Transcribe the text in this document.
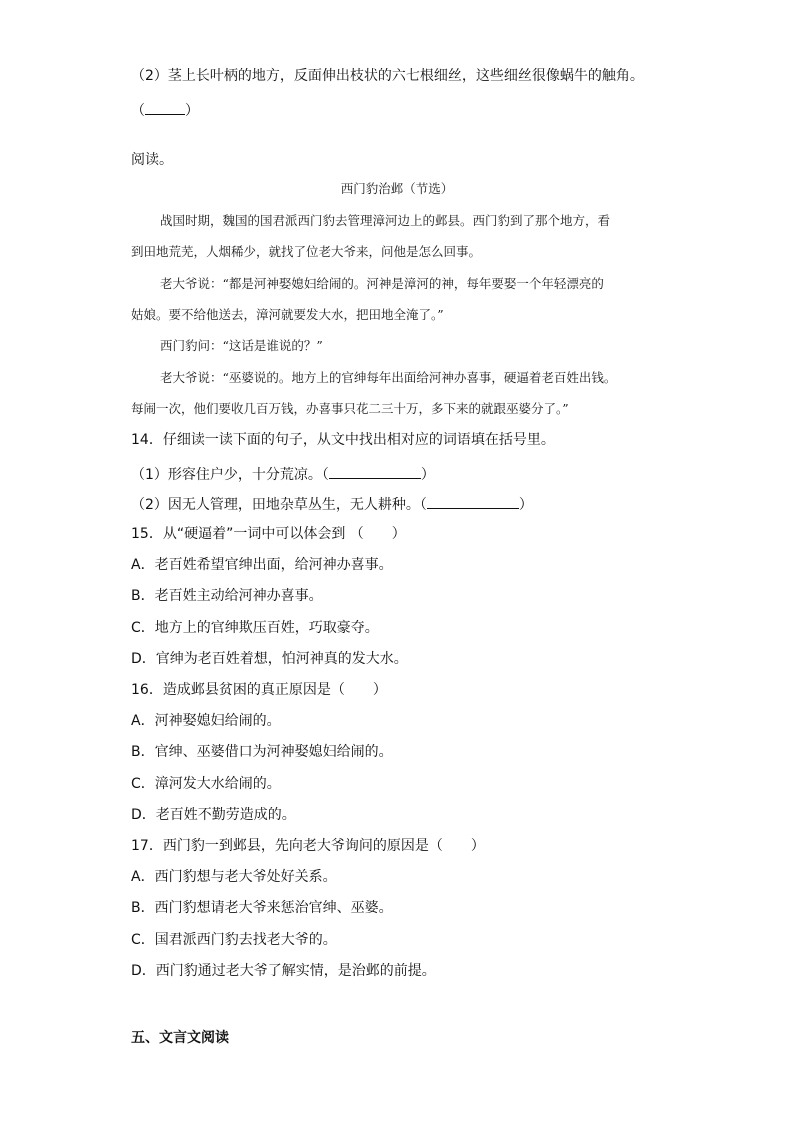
（2）茎上长叶柄的地方，反面伸出枝状的六七根细丝，这些细丝很像蜗牛的触角。
（	）
阅读。
西门豹治邺（节选）
战国时期，魏国的国君派西门豹去管理漳河边上的邺县。西门豹到了那个地方，看
到田地荒芜，人烟稀少，就找了位老大爷来，问他是怎么回事。
老大爷说：“都是河神娶媳妇给闹的。河神是漳河的神，每年要娶一个年轻漂亮的
姑娘。要不给他送去，漳河就要发大水，把田地全淹了。”
西门豹问：“这话是谁说的？”
老大爷说：“巫婆说的。地方上的官绅每年出面给河神办喜事，硬逼着老百姓出钱。
每闹一次，他们要收几百万钱，办喜事只花二三十万，多下来的就跟巫婆分了。”
14．仔细读一读下面的句子，从文中找出相对应的词语填在括号里。
（1）形容住户少，十分荒凉。（	）
（2）因无人管理，田地杂草丛生，无人耕种。（	）
15．从“硬逼着”一词中可以体会到 （　　）
A．老百姓希望官绅出面，给河神办喜事。
B．老百姓主动给河神办喜事。
C．地方上的官绅欺压百姓，巧取豪夺。
D．官绅为老百姓着想，怕河神真的发大水。
16．造成邺县贫困的真正原因是（　　）
A．河神娶媳妇给闹的。
B．官绅、巫婆借口为河神娶媳妇给闹的。
C．漳河发大水给闹的。
D．老百姓不勤劳造成的。
17．西门豹一到邺县，先向老大爷询问的原因是（　　）
A．西门豹想与老大爷处好关系。
B．西门豹想请老大爷来惩治官绅、巫婆。
C．国君派西门豹去找老大爷的。
D．西门豹通过老大爷了解实情，是治邺的前提。
五、文言文阅读
